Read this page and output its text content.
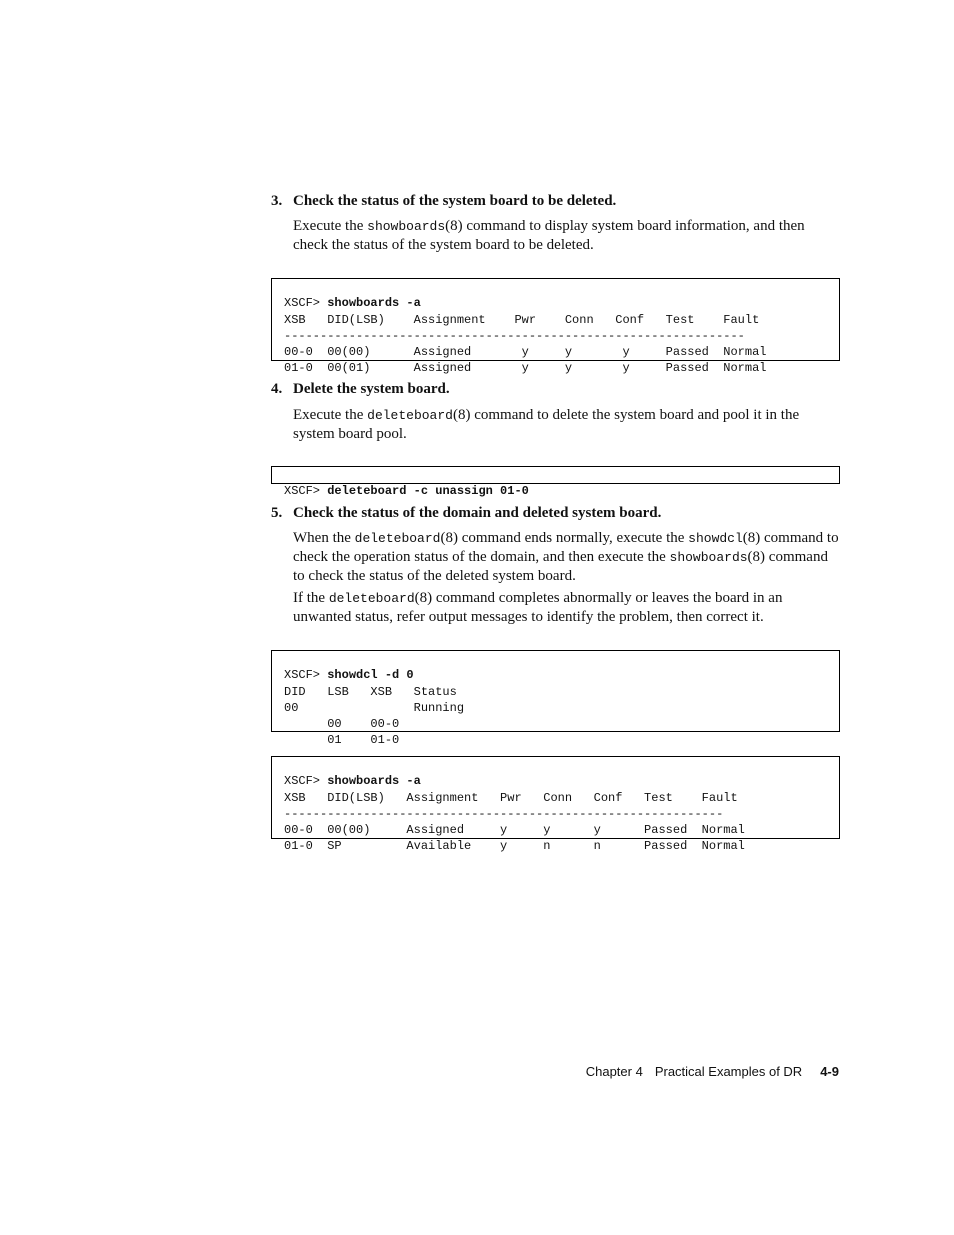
3. Check the status of the system board to be deleted.

Execute the showboards(8) command to display system board information, and then check the status of the system board to be deleted.

XSCF> showboards -a
XSB   DID(LSB)    Assignment    Pwr    Conn   Conf   Test    Fault
----------------------------------------------------------------
00-0  00(00)      Assigned       y     y       y     Passed  Normal
01-0  00(01)      Assigned       y     y       y     Passed  Normal
4. Delete the system board.

Execute the deleteboard(8) command to delete the system board and pool it in the system board pool.

XSCF> deleteboard -c unassign 01-0
5. Check the status of the domain and deleted system board.

When the deleteboard(8) command ends normally, execute the showdcl(8) command to check the operation status of the domain, and then execute the showboards(8) command to check the status of the deleted system board.

If the deleteboard(8) command completes abnormally or leaves the board in an unwanted status, refer output messages to identify the problem, then correct it.

XSCF> showdcl -d 0
DID   LSB   XSB   Status
00                Running
00    00-0
01    01-0

XSCF> showboards -a
XSB   DID(LSB)   Assignment   Pwr   Conn   Conf   Test    Fault
-------------------------------------------------------------
00-0  00(00)     Assigned     y     y      y      Passed  Normal
01-0  SP         Available    y     n      n      Passed  Normal
Chapter 4 Practical Examples of DR 4-9
